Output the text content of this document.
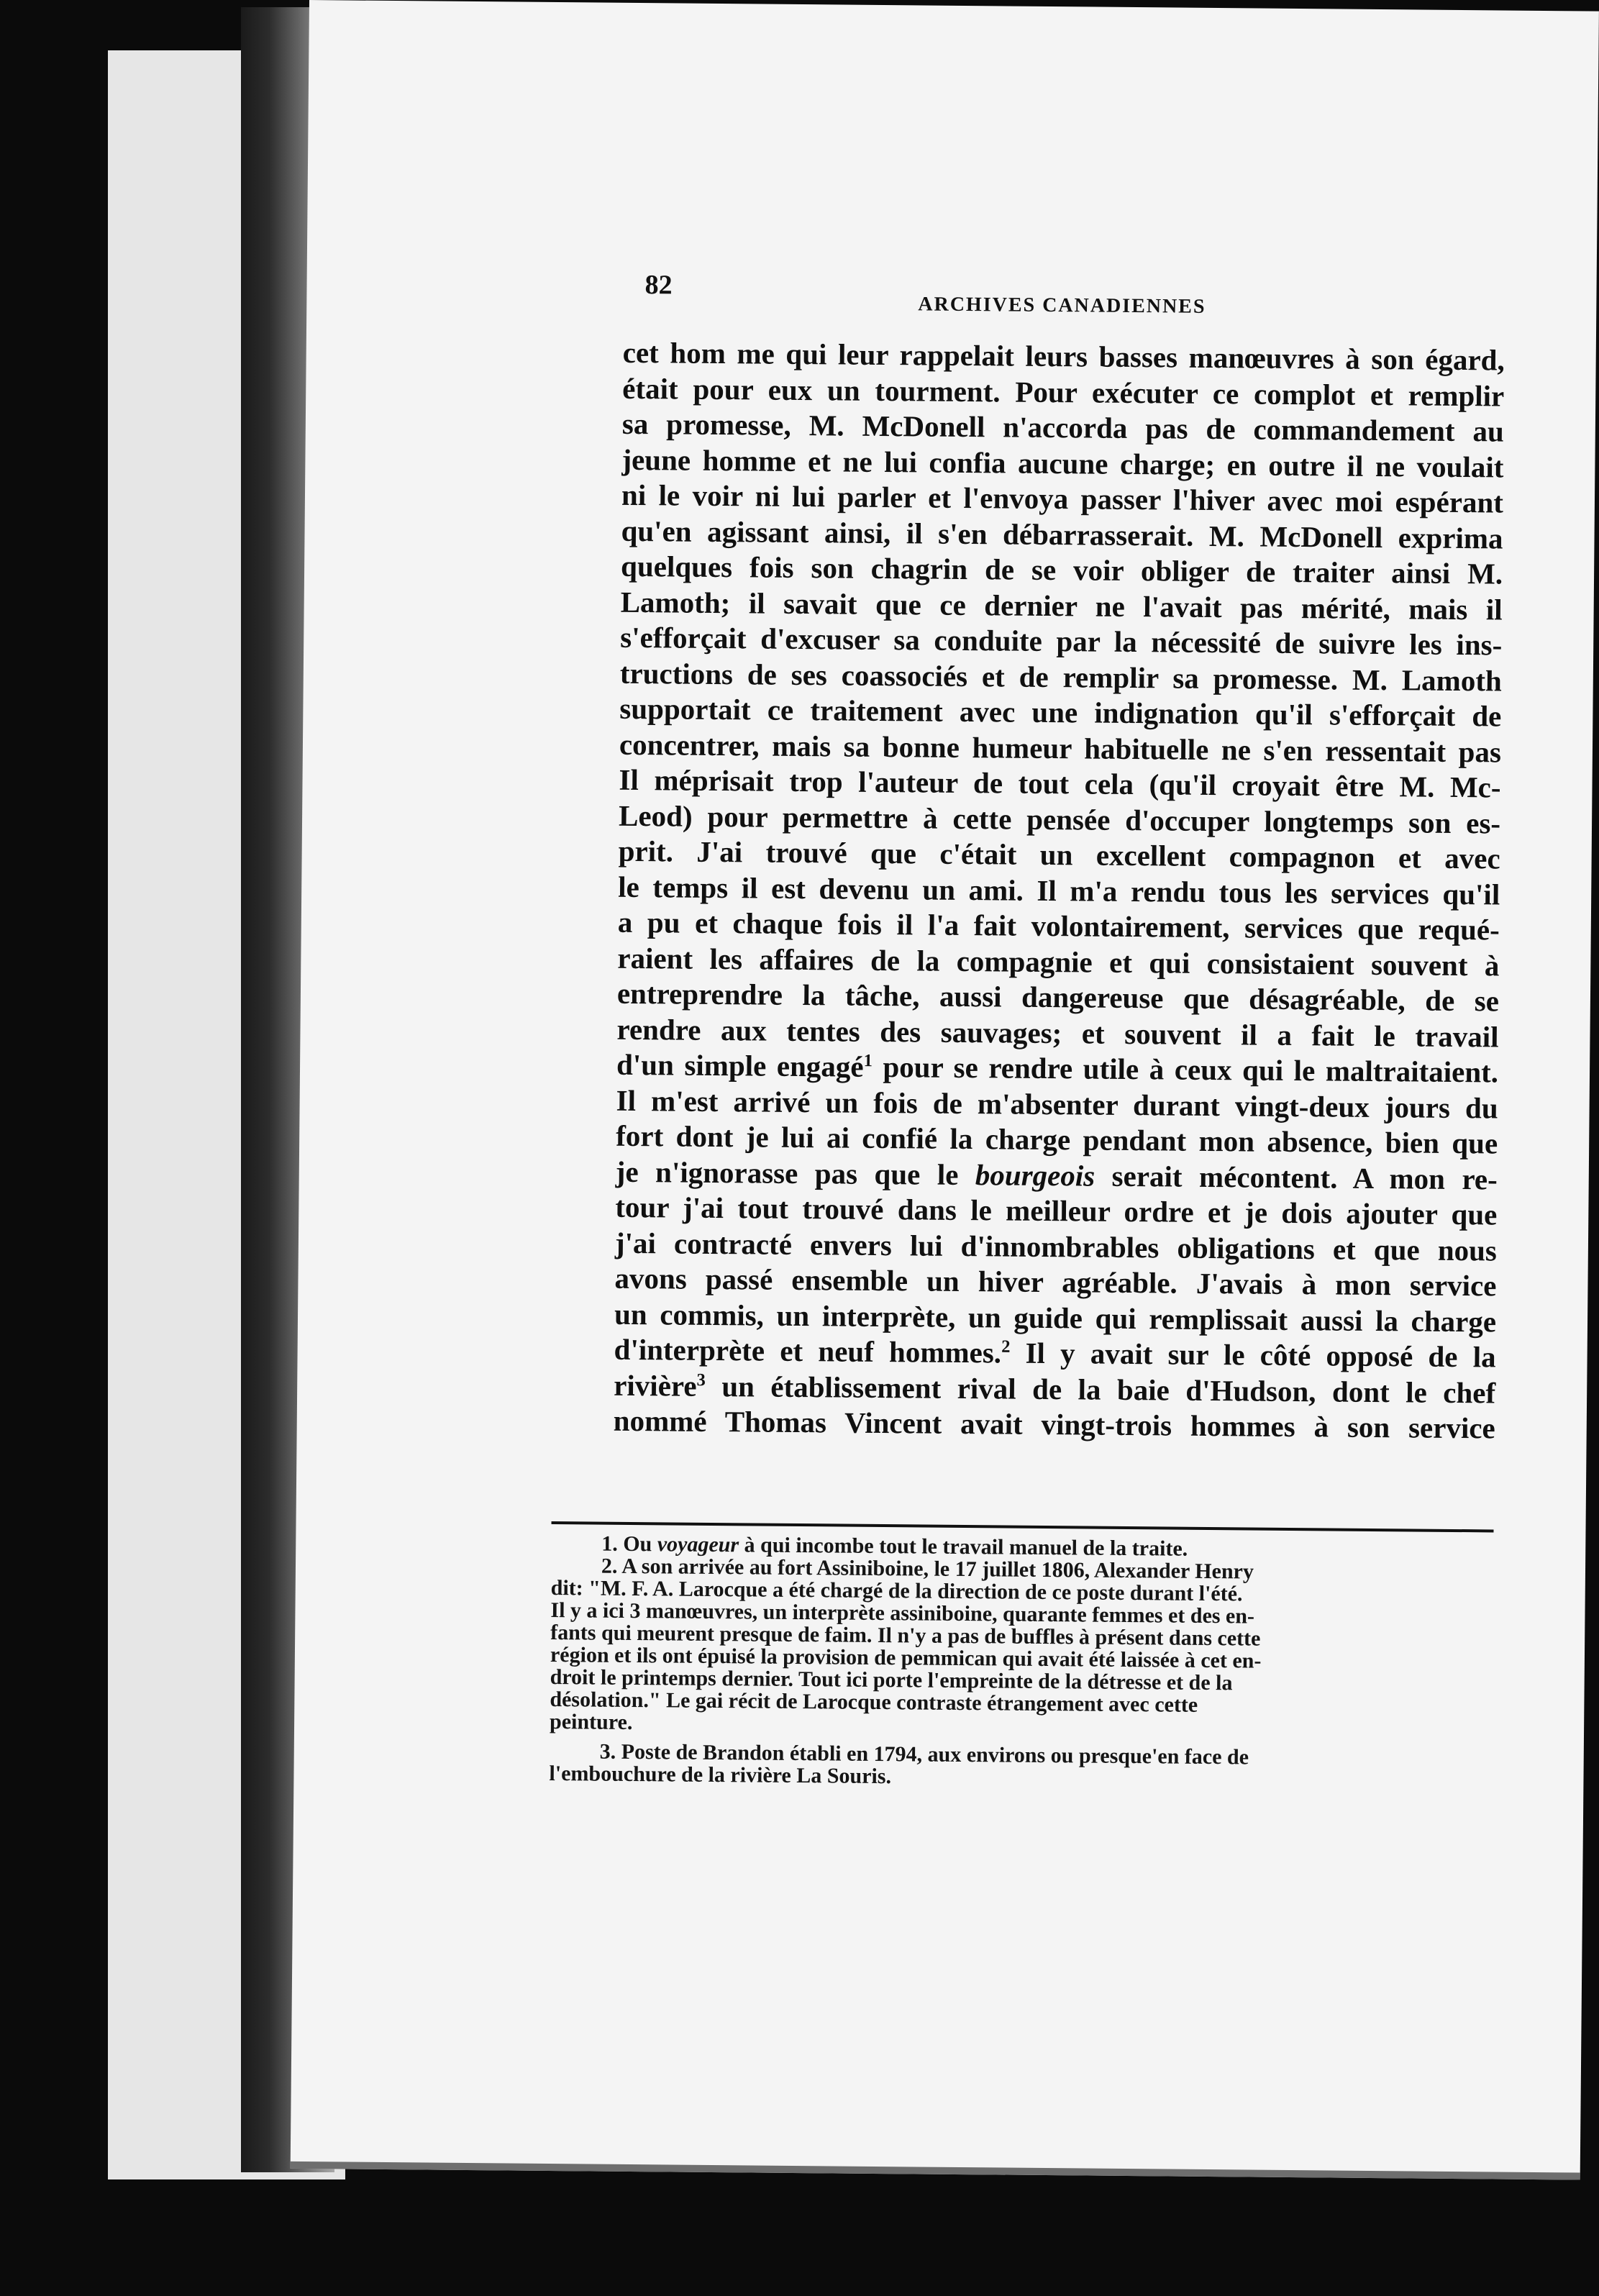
82
ARCHIVES CANADIENNES
cet hom me qui leur rappelait leurs basses manœuvres à son égard,
était pour eux un tourment. Pour exécuter ce complot et remplir
sa promesse, M. McDonell n'accorda pas de commandement au
jeune homme et ne lui confia aucune charge; en outre il ne voulait
ni le voir ni lui parler et l'envoya passer l'hiver avec moi espérant
qu'en agissant ainsi, il s'en débarrasserait. M. McDonell exprima
quelques fois son chagrin de se voir obliger de traiter ainsi M.
Lamoth; il savait que ce dernier ne l'avait pas mérité, mais il
s'efforçait d'excuser sa conduite par la nécessité de suivre les ins-
tructions de ses coassociés et de remplir sa promesse. M. Lamoth
supportait ce traitement avec une indignation qu'il s'efforçait de
concentrer, mais sa bonne humeur habituelle ne s'en ressentait pas
Il méprisait trop l'auteur de tout cela (qu'il croyait être M. Mc-
Leod) pour permettre à cette pensée d'occuper longtemps son es-
prit. J'ai trouvé que c'était un excellent compagnon et avec
le temps il est devenu un ami. Il m'a rendu tous les services qu'il
a pu et chaque fois il l'a fait volontairement, services que requé-
raient les affaires de la compagnie et qui consistaient souvent à
entreprendre la tâche, aussi dangereuse que désagréable, de se
rendre aux tentes des sauvages; et souvent il a fait le travail
d'un simple engagé$^1$ pour se rendre utile à ceux qui le maltraitaient.
Il m'est arrivé un fois de m'absenter durant vingt-deux jours du
fort dont je lui ai confié la charge pendant mon absence, bien que
je n'ignorasse pas que le bourgeois serait mécontent. A mon re-
tour j'ai tout trouvé dans le meilleur ordre et je dois ajouter que
j'ai contracté envers lui d'innombrables obligations et que nous
avons passé ensemble un hiver agréable. J'avais à mon service
un commis, un interprète, un guide qui remplissait aussi la charge
d'interprète et neuf hommes.$^2$ Il y avait sur le côté opposé de la
rivière$^3$ un établissement rival de la baie d'Hudson, dont le chef
nommé Thomas Vincent avait vingt-trois hommes à son service
1. Ou voyageur à qui incombe tout le travail manuel de la traite.
2. A son arrivée au fort Assiniboine, le 17 juillet 1806, Alexander Henry
dit: "M. F. A. Larocque a été chargé de la direction de ce poste durant l'été.
Il y a ici 3 manœuvres, un interprète assiniboine, quarante femmes et des en-
fants qui meurent presque de faim. Il n'y a pas de buffles à présent dans cette
région et ils ont épuisé la provision de pemmican qui avait été laissée à cet en-
droit le printemps dernier. Tout ici porte l'empreinte de la détresse et de la
désolation." Le gai récit de Larocque contraste étrangement avec cette
peinture.
3. Poste de Brandon établi en 1794, aux environs ou presque'en face de
l'embouchure de la rivière La Souris.
